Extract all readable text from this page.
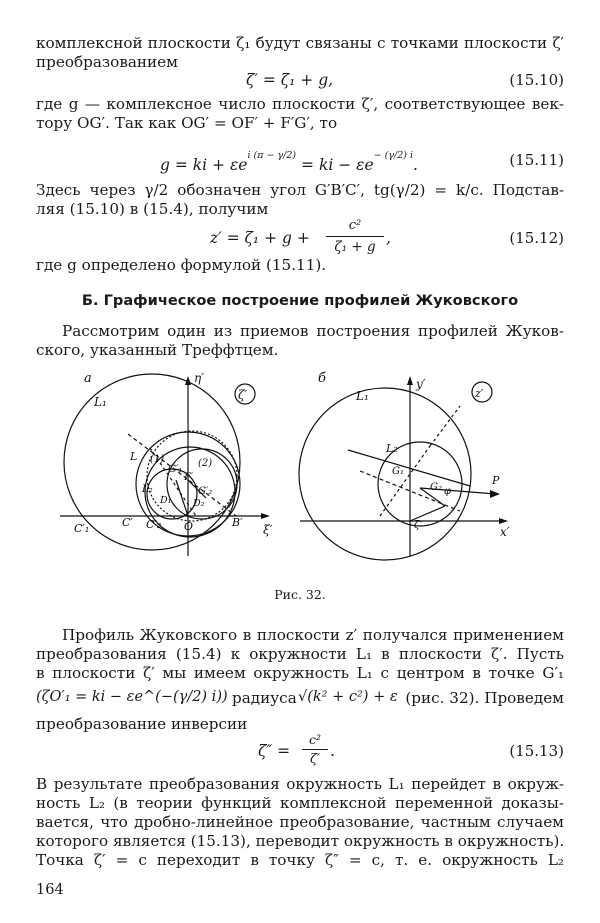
комплексной плоскости ζ₁ будут связаны с точками плоскости ζ′
преобразованием
ζ′ = ζ₁ + g,	(15.10)
где g — комплексное число плоскости ζ′, соответствующее век-
тору OG′. Так как OG′ = OF′ + F′G′, то
g = ki + $\varepsilon e^{i (\pi - \gamma/2)}$ = ki − $\varepsilon e^{- (\gamma/2) i}$.	(15.11)
Здесь через γ/2 обозначен угол G′B′C′, tg(γ/2) = k/c. Подстав-
ляя (15.10) в (15.4), получим
z′ = ζ₁ + g +
c²
ζ₁ + g ,	(15.12)
где g определено формулой (15.11).
Б. Графическое построение профилей Жуковского
Рассмотрим один из приемов построения профилей Жуков-
ского, указанный Треффтцем.
а	η′
ζ′
ξ′
L₁
L (1)	(2)
G′₁
G′₂
F′
L₂
D₁ D₂
C′₁	C′ C′₂ O	B′
б	y′
z′
x′
L₁
L₂
G₁
G₂
P
ζ″
φ
Рис. 32.
Профиль Жуковского в плоскости z′ получался применением
преобразования (15.4) к окружности L₁ в плоскости ζ′. Пусть
в плоскости ζ′ мы имеем окружность L₁ с центром в точке G′₁
(ζO′₁ = ki − εe^(−(γ/2) i)) радиуса √(k² + c²) + ε (рис. 32). Проведем
преобразование инверсии
ζ″ =
c²
ζ′ .	(15.13)
В результате преобразования окружность L₁ перейдет в окруж-
ность L₂ (в теории функций комплексной переменной доказы-
вается, что дробно-линейное преобразование, частным случаем
которого является (15.13), переводит окружность в окружность).
Точка ζ′ = c переходит в точку ζ″ = c, т. е. окружность L₂
164
